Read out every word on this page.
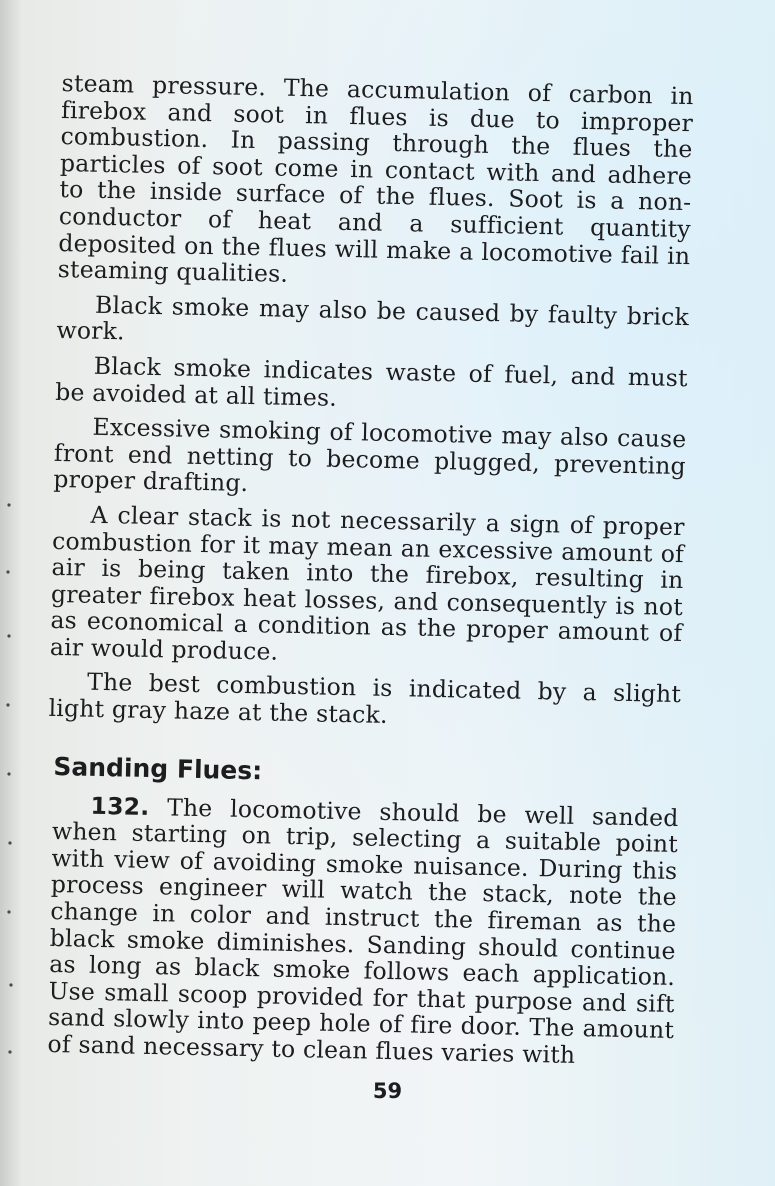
steam pressure. The accumulation of carbon in firebox and soot in flues is due to improper combustion. In passing through the flues the particles of soot come in contact with and adhere to the inside surface of the flues. Soot is a non-conductor of heat and a sufficient quantity deposited on the flues will make a locomotive fail in steaming qualities.

Black smoke may also be caused by faulty brick work.

Black smoke indicates waste of fuel, and must be avoided at all times.

Excessive smoking of locomotive may also cause front end netting to become plugged, preventing proper drafting.

A clear stack is not necessarily a sign of proper combustion for it may mean an excessive amount of air is being taken into the firebox, resulting in greater firebox heat losses, and consequently is not as economical a condition as the proper amount of air would produce.

The best combustion is indicated by a slight light gray haze at the stack.

Sanding Flues:

132. The locomotive should be well sanded when starting on trip, selecting a suitable point with view of avoiding smoke nuisance. During this process engineer will watch the stack, note the change in color and instruct the fireman as the black smoke diminishes. Sanding should continue as long as black smoke follows each application. Use small scoop provided for that purpose and sift sand slowly into peep hole of fire door. The amount of sand necessary to clean flues varies with

59
